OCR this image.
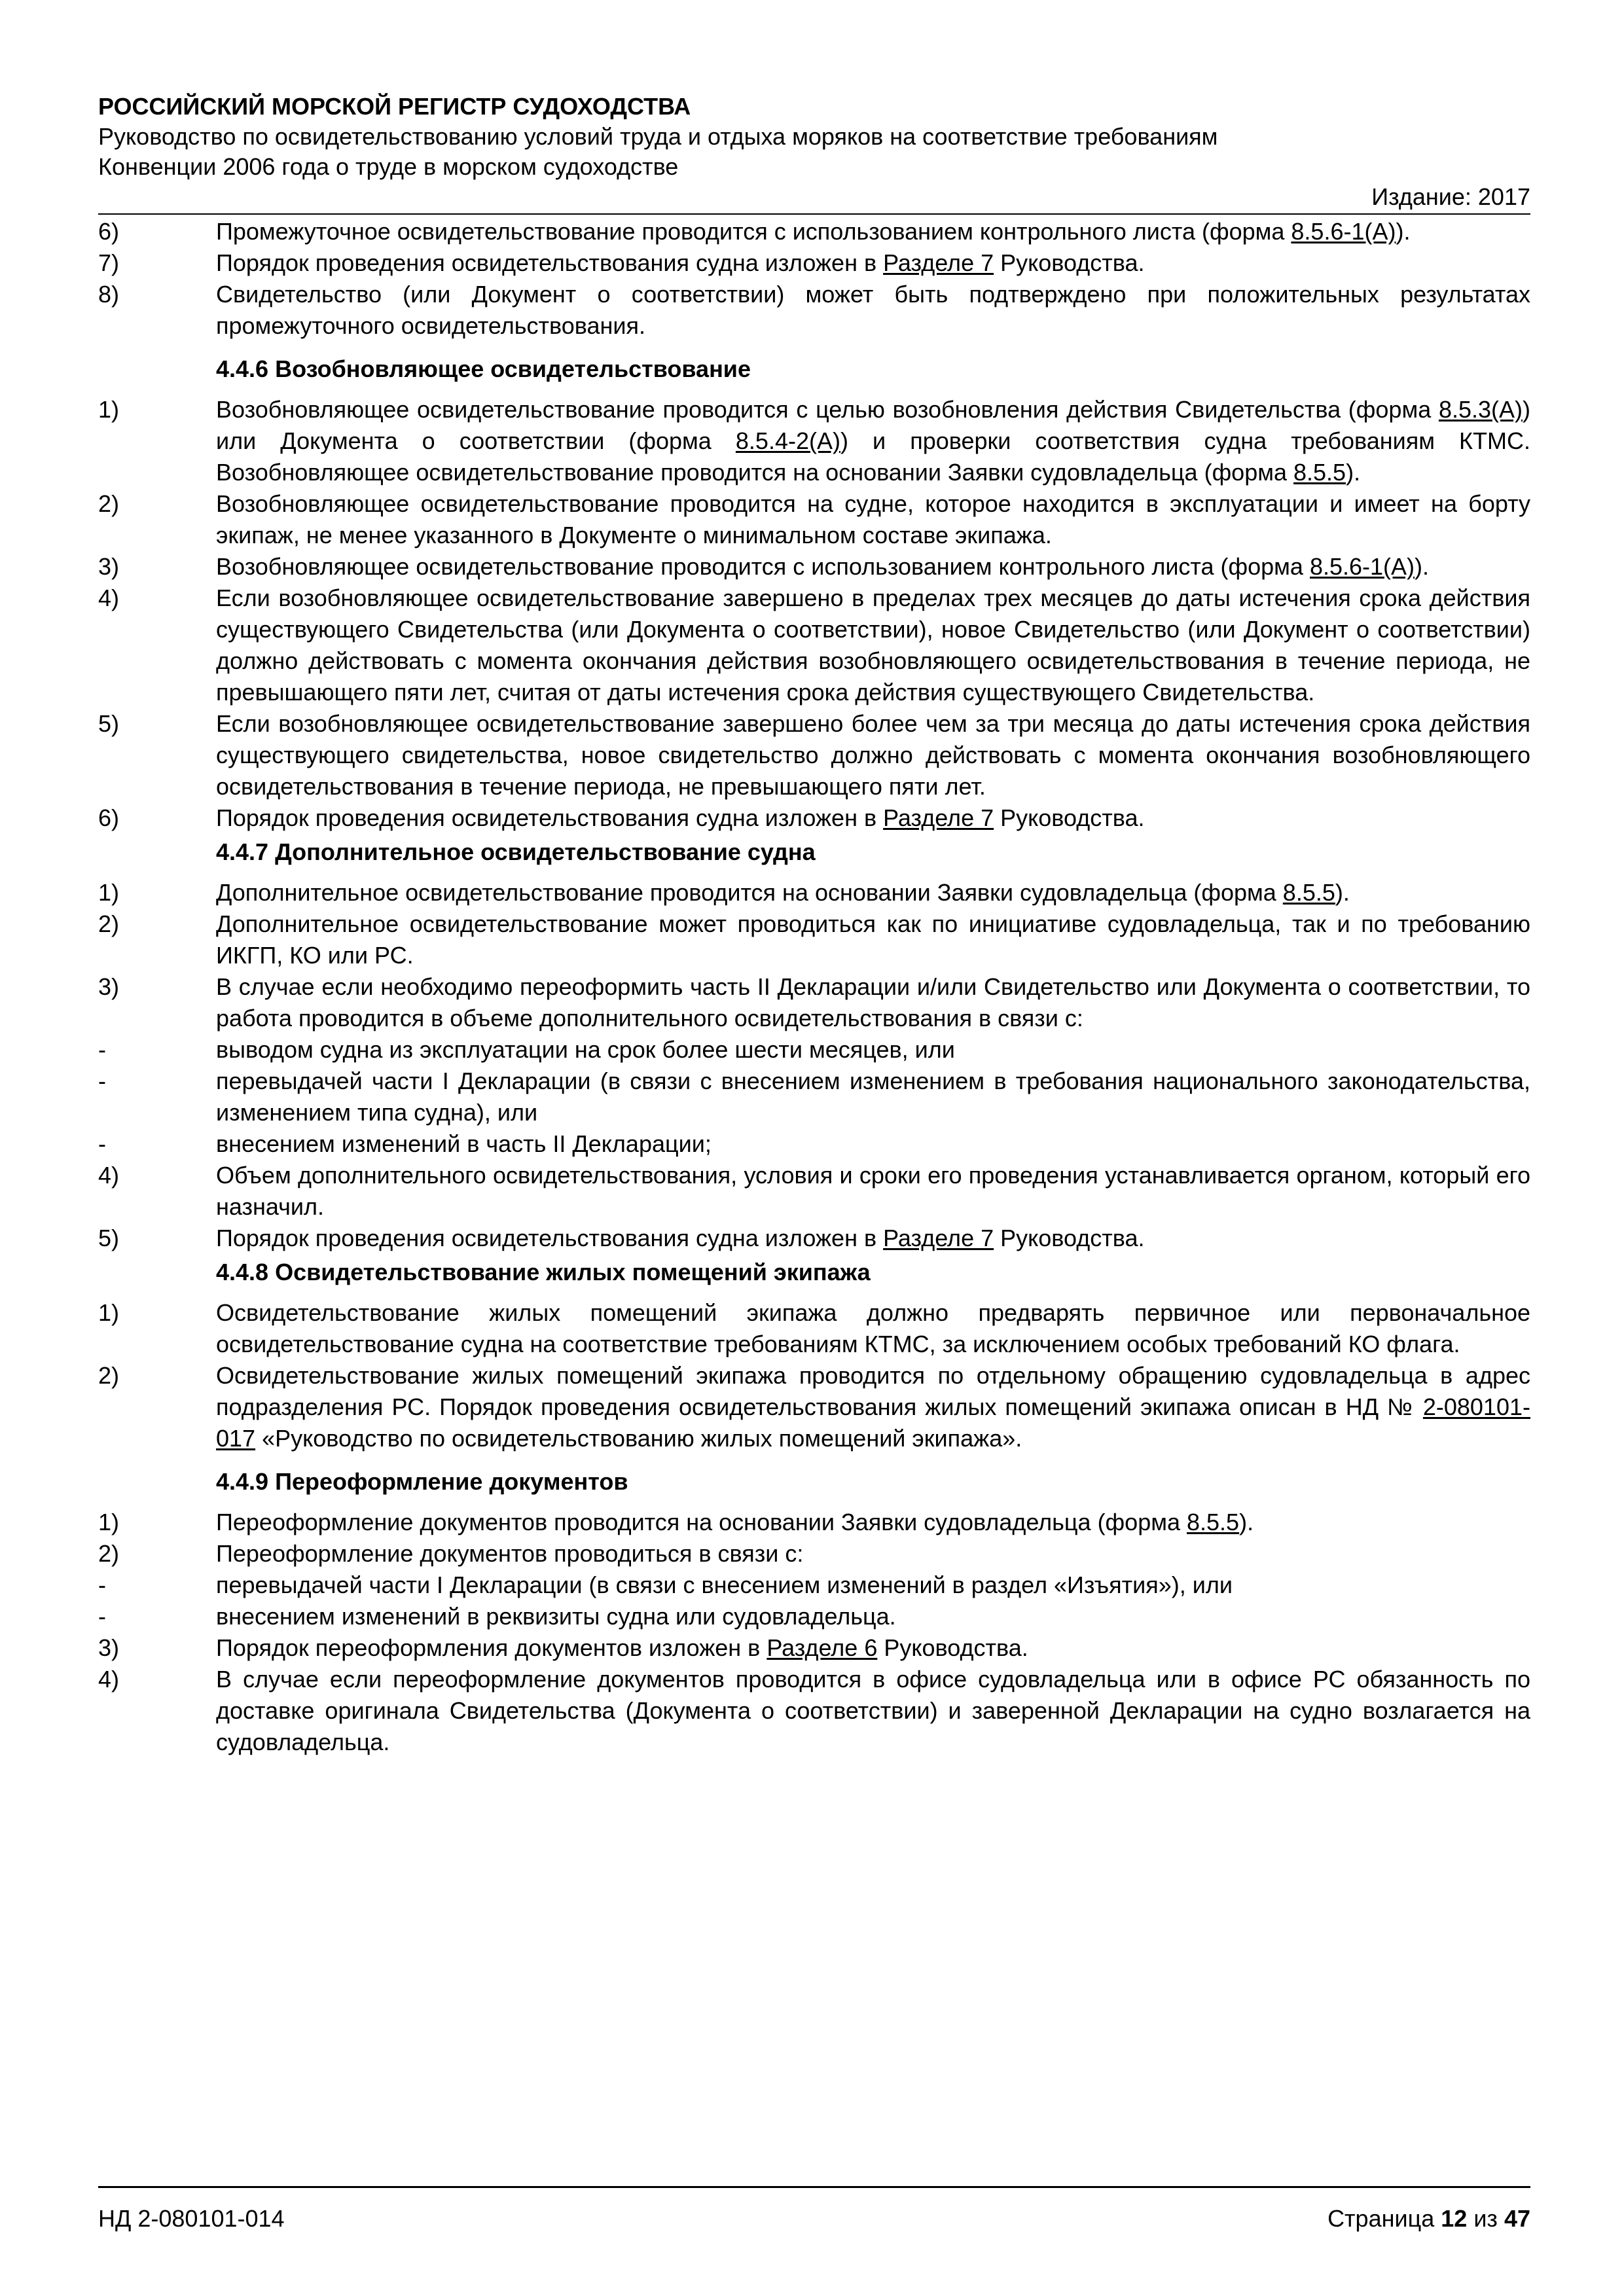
РОССИЙСКИЙ МОРСКОЙ РЕГИСТР СУДОХОДСТВА

Руководство по освидетельствованию условий труда и отдыха моряков на соответствие требованиям

Конвенции 2006 года о труде в морском судоходстве

Издание: 2017

6)	Промежуточное освидетельствование проводится с использованием контрольного листа (форма 8.5.6-1(А)).
7)	Порядок проведения освидетельствования судна изложен в Разделе 7 Руководства.
8)	Свидетельство (или Документ о соответствии) может быть подтверждено при положительных результатах промежуточного освидетельствования.
4.4.6 Возобновляющее освидетельствование
1)	Возобновляющее освидетельствование проводится с целью возобновления действия Свидетельства (форма 8.5.3(А)) или Документа о соответствии (форма 8.5.4-2(А)) и проверки соответствия судна требованиям КТМС. Возобновляющее освидетельствование проводится на основании Заявки судовладельца (форма 8.5.5).
2)	Возобновляющее освидетельствование проводится на судне, которое находится в эксплуатации и имеет на борту экипаж, не менее указанного в Документе о минимальном составе экипажа.
3)	Возобновляющее освидетельствование проводится с использованием контрольного листа (форма 8.5.6-1(А)).
4)	Если возобновляющее освидетельствование завершено в пределах трех месяцев до даты истечения срока действия существующего Свидетельства (или Документа о соответствии), новое Свидетельство (или Документ о соответствии) должно действовать с момента окончания действия возобновляющего освидетельствования в течение периода, не превышающего пяти лет, считая от даты истечения срока действия существующего Свидетельства.
5)	Если возобновляющее освидетельствование завершено более чем за три месяца до даты истечения срока действия существующего свидетельства, новое свидетельство должно действовать с момента окончания возобновляющего освидетельствования в течение периода, не превышающего пяти лет.
6)	Порядок проведения освидетельствования судна изложен в Разделе 7 Руководства.
4.4.7 Дополнительное освидетельствование судна
1)	Дополнительное освидетельствование проводится на основании Заявки судовладельца (форма 8.5.5).
2)	Дополнительное освидетельствование может проводиться как по инициативе судовладельца, так и по требованию ИКГП, КО или РС.
3)	В случае если необходимо переоформить часть II Декларации и/или Свидетельство или Документа о соответствии, то работа проводится в объеме дополнительного освидетельствования в связи с:
-	выводом судна из эксплуатации на срок более шести месяцев, или
-	перевыдачей части I Декларации (в связи с внесением изменением в требования национального законодательства, изменением типа судна), или
-	внесением изменений в часть II Декларации;
4)	Объем дополнительного освидетельствования, условия и сроки его проведения устанавливается органом, который его назначил.
5)	Порядок проведения освидетельствования судна изложен в Разделе 7 Руководства.
4.4.8 Освидетельствование жилых помещений экипажа
1)	Освидетельствование жилых помещений экипажа должно предварять первичное или первоначальное освидетельствование судна на соответствие требованиям КТМС, за исключением особых требований КО флага.
2)	Освидетельствование жилых помещений экипажа проводится по отдельному обращению судовладельца в адрес подразделения РС. Порядок проведения освидетельствования жилых помещений экипажа описан в НД № 2-080101-017 «Руководство по освидетельствованию жилых помещений экипажа».
4.4.9 Переоформление документов
1)	Переоформление документов проводится на основании Заявки судовладельца (форма 8.5.5).
2)	Переоформление документов проводиться в связи с:
-	перевыдачей части I Декларации (в связи с внесением изменений в раздел «Изъятия»), или
-	внесением изменений в реквизиты судна или судовладельца.
3)	Порядок переоформления документов изложен в Разделе 6 Руководства.
4)	В случае если переоформление документов проводится в офисе судовладельца или в офисе РС обязанность по доставке оригинала Свидетельства (Документа о соответствии) и заверенной Декларации на судно возлагается на судовладельца.
НД 2-080101-014	Страница 12 из 47
